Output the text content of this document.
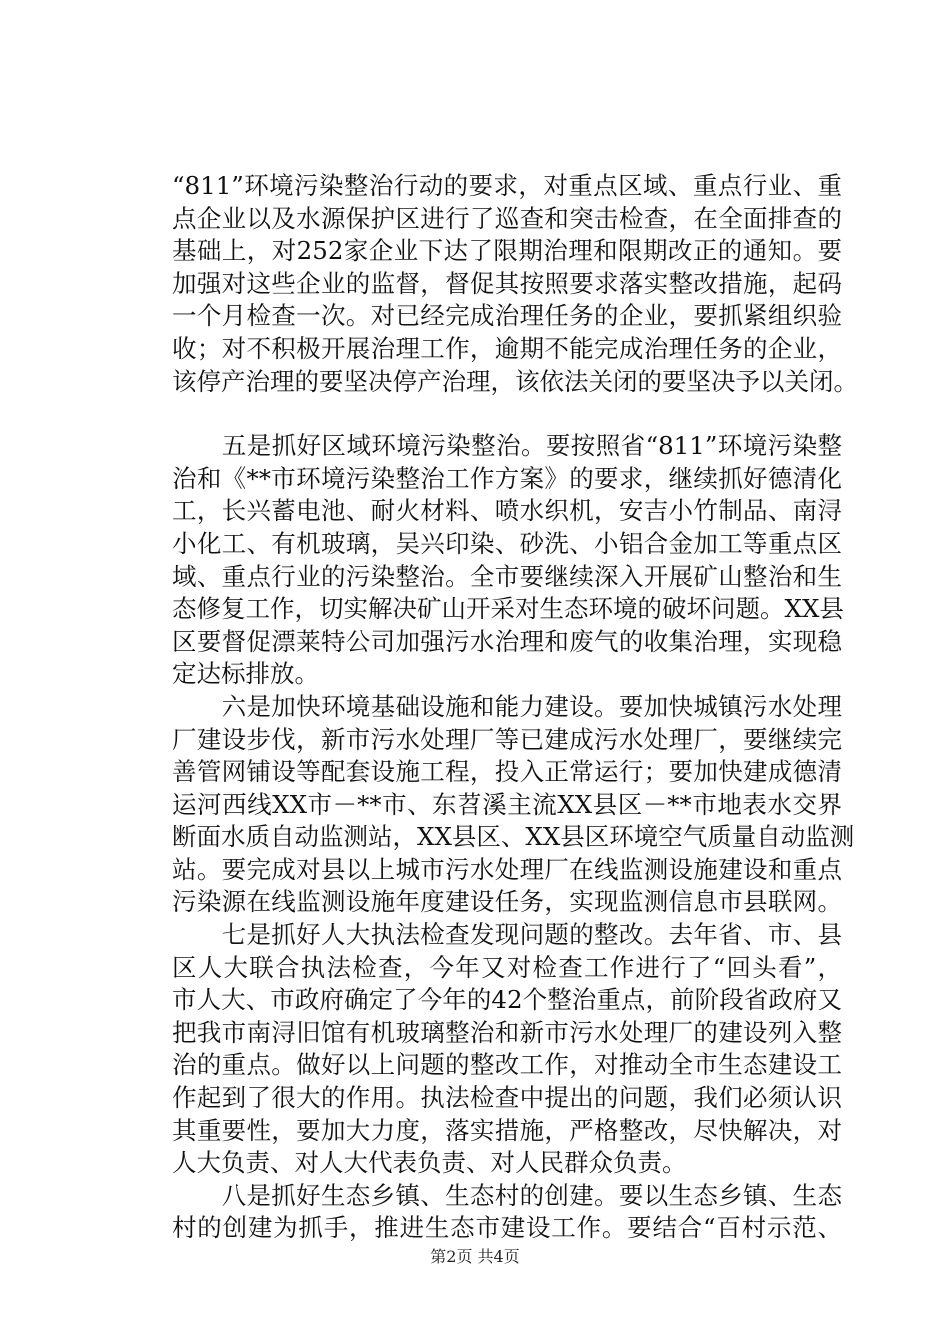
“811”环境污染整治行动的要求，对重点区域、重点行业、重
点企业以及水源保护区进行了巡查和突击检查，在全面排查的
基础上，对252家企业下达了限期治理和限期改正的通知。要
加强对这些企业的监督，督促其按照要求落实整改措施，起码
一个月检查一次。对已经完成治理任务的企业，要抓紧组织验
收；对不积极开展治理工作，逾期不能完成治理任务的企业，
该停产治理的要坚决停产治理，该依法关闭的要坚决予以关闭。
　　五是抓好区域环境污染整治。要按照省“811”环境污染整
治和《**市环境污染整治工作方案》的要求，继续抓好德清化
工，长兴蓄电池、耐火材料、喷水织机，安吉小竹制品、南浔
小化工、有机玻璃，吴兴印染、砂洗、小铝合金加工等重点区
域、重点行业的污染整治。全市要继续深入开展矿山整治和生
态修复工作，切实解决矿山开采对生态环境的破坏问题。XX县
区要督促漂莱特公司加强污水治理和废气的收集治理，实现稳
定达标排放。
　　六是加快环境基础设施和能力建设。要加快城镇污水处理
厂建设步伐，新市污水处理厂等已建成污水处理厂，要继续完
善管网铺设等配套设施工程，投入正常运行；要加快建成德清
运河西线XX市－**市、东苕溪主流XX县区－**市地表水交界
断面水质自动监测站，XX县区、XX县区环境空气质量自动监测
站。要完成对县以上城市污水处理厂在线监测设施建设和重点
污染源在线监测设施年度建设任务，实现监测信息市县联网。
　　七是抓好人大执法检查发现问题的整改。去年省、市、县
区人大联合执法检查，今年又对检查工作进行了“回头看”，
市人大、市政府确定了今年的42个整治重点，前阶段省政府又
把我市南浔旧馆有机玻璃整治和新市污水处理厂的建设列入整
治的重点。做好以上问题的整改工作，对推动全市生态建设工
作起到了很大的作用。执法检查中提出的问题，我们必须认识
其重要性，要加大力度，落实措施，严格整改，尽快解决，对
人大负责、对人大代表负责、对人民群众负责。
　　八是抓好生态乡镇、生态村的创建。要以生态乡镇、生态
村的创建为抓手，推进生态市建设工作。要结合“百村示范、
第2页 共4页
